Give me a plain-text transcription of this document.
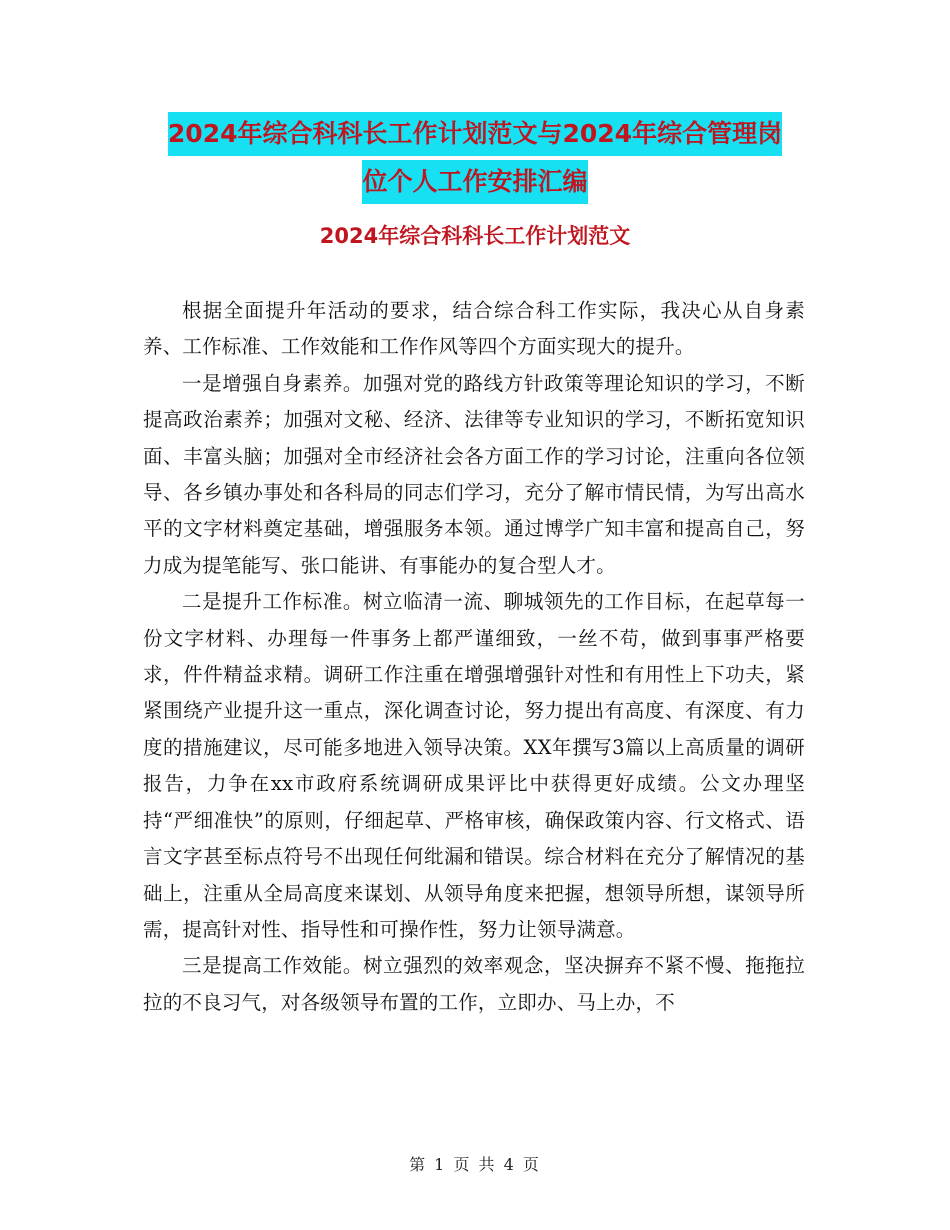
2024年综合科科长工作计划范文与2024年综合管理岗
位个人工作安排汇编
2024年综合科科长工作计划范文

根据全面提升年活动的要求，结合综合科工作实际，我决心从自身素养、工作标准、工作效能和工作作风等四个方面实现大的提升。

一是增强自身素养。加强对党的路线方针政策等理论知识的学习，不断提高政治素养；加强对文秘、经济、法律等专业知识的学习，不断拓宽知识面、丰富头脑；加强对全市经济社会各方面工作的学习讨论，注重向各位领导、各乡镇办事处和各科局的同志们学习，充分了解市情民情，为写出高水平的文字材料奠定基础，增强服务本领。通过博学广知丰富和提高自己，努力成为提笔能写、张口能讲、有事能办的复合型人才。

二是提升工作标准。树立临清一流、聊城领先的工作目标，在起草每一份文字材料、办理每一件事务上都严谨细致，一丝不苟，做到事事严格要求，件件精益求精。调研工作注重在增强增强针对性和有用性上下功夫，紧紧围绕产业提升这一重点，深化调查讨论，努力提出有高度、有深度、有力度的措施建议，尽可能多地进入领导决策。XX年撰写3篇以上高质量的调研报告，力争在xx市政府系统调研成果评比中获得更好成绩。公文办理坚持“严细准快”的原则，仔细起草、严格审核，确保政策内容、行文格式、语言文字甚至标点符号不出现任何纰漏和错误。综合材料在充分了解情况的基础上，注重从全局高度来谋划、从领导角度来把握，想领导所想，谋领导所需，提高针对性、指导性和可操作性，努力让领导满意。

三是提高工作效能。树立强烈的效率观念，坚决摒弃不紧不慢、拖拖拉拉的不良习气，对各级领导布置的工作，立即办、马上办，不

第 1 页 共 4 页
